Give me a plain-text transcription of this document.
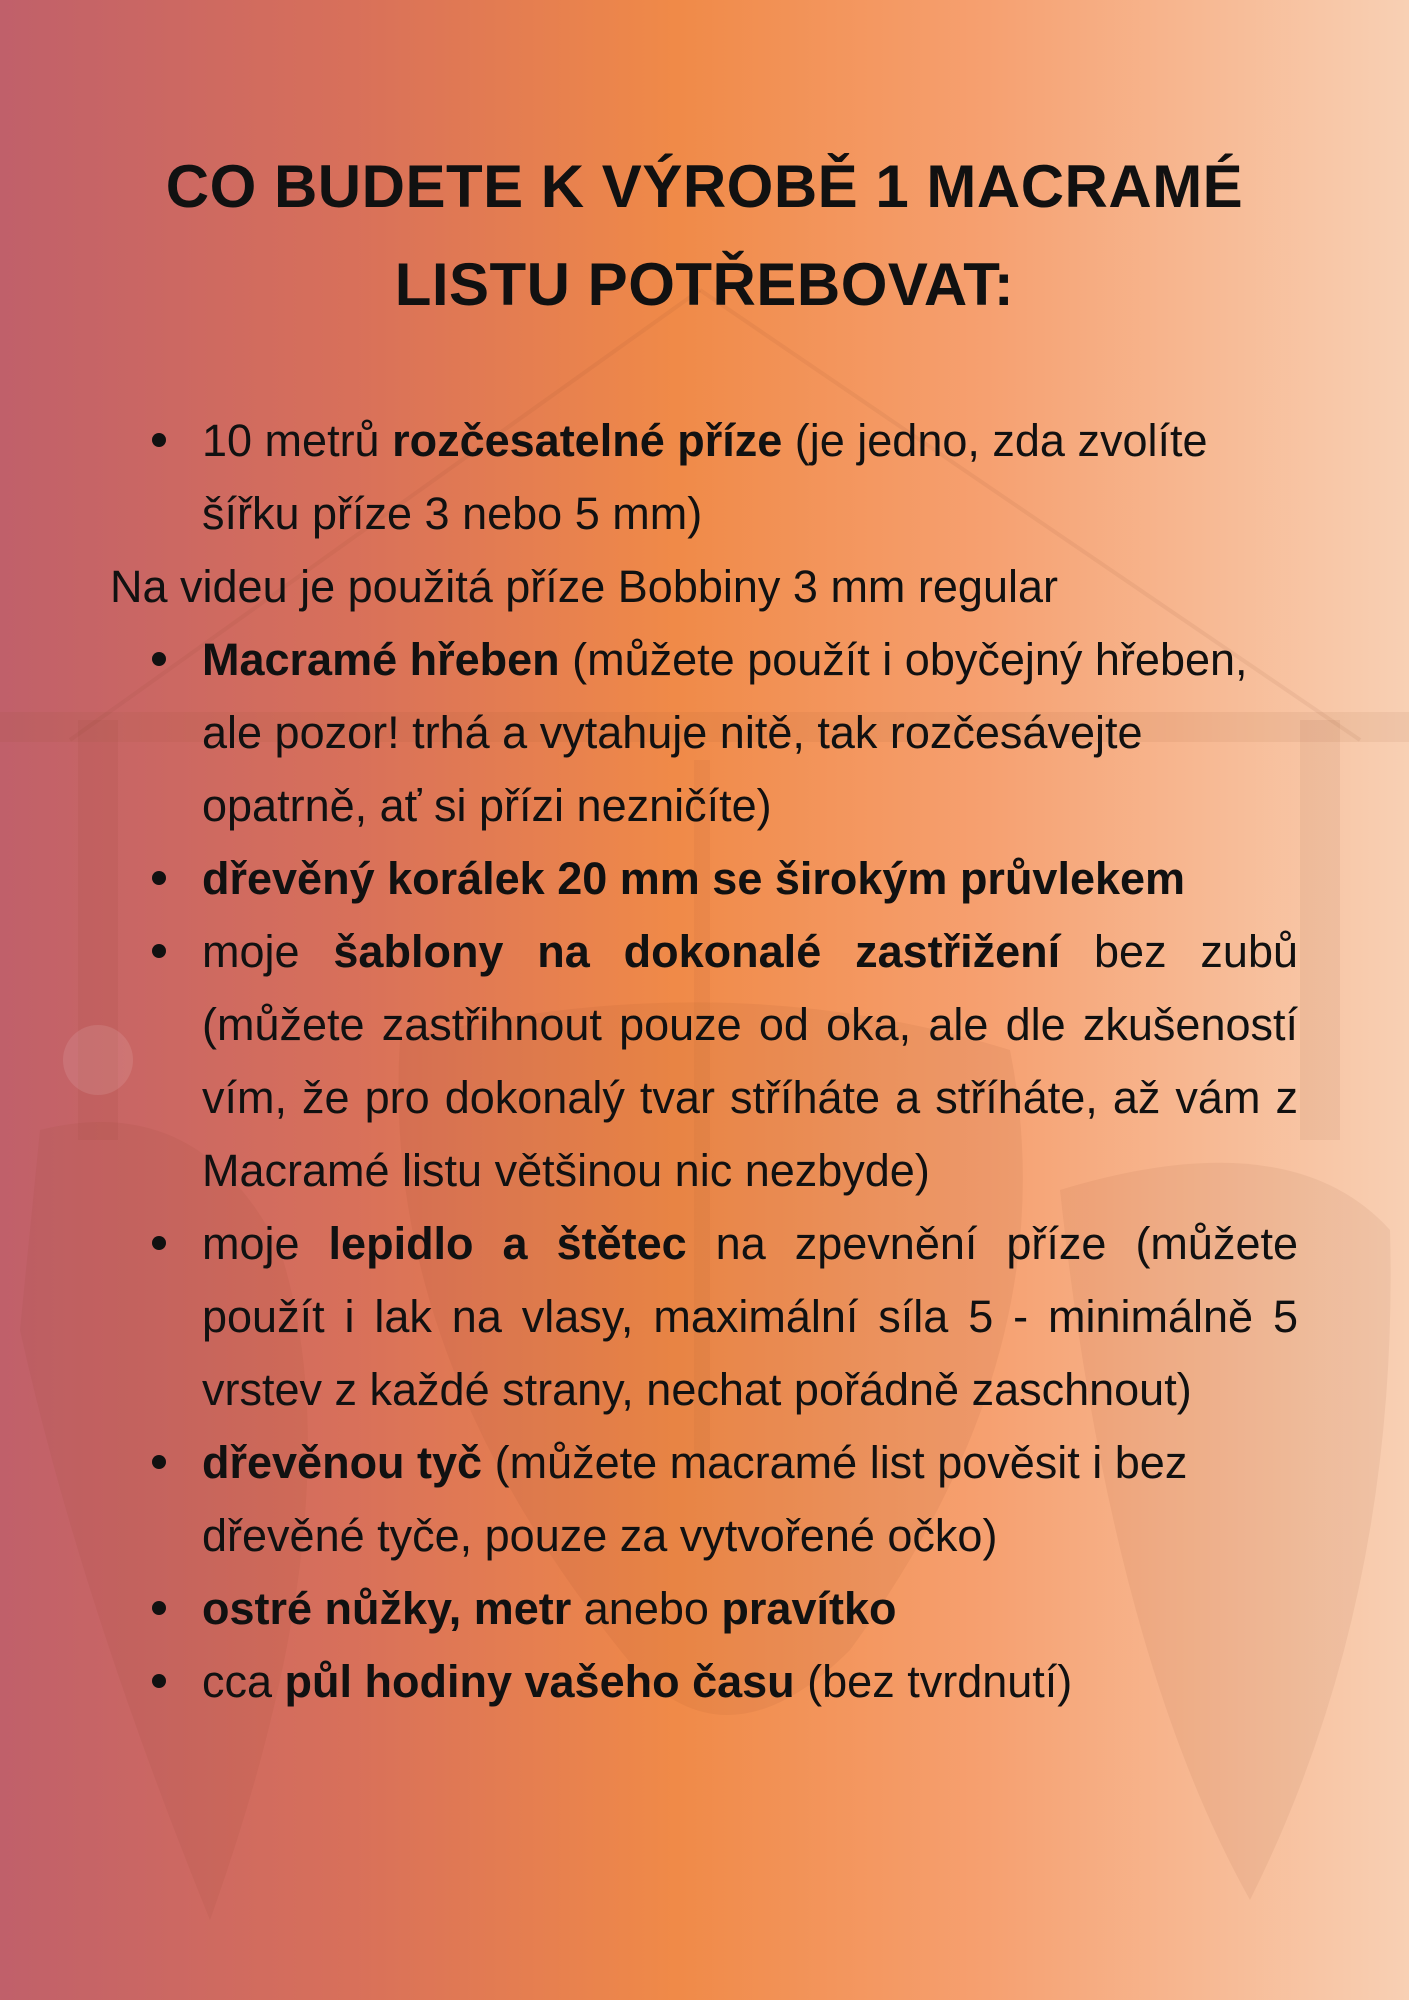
CO BUDETE K VÝROBĚ 1 MACRAMÉ
LISTU POTŘEBOVAT:
10 metrů rozčesatelné příze (je jedno, zda zvolíte šířku příze 3 nebo 5 mm)

Na videu je použitá příze Bobbiny 3 mm regular

Macramé hřeben (můžete použít i obyčejný hřeben, ale pozor! trhá a vytahuje nitě, tak rozčesávejte opatrně, ať si přízi nezničíte)
dřevěný korálek 20 mm se širokým průvlekem
moje šablony na dokonalé zastřižení bez zubů (můžete zastřihnout pouze od oka, ale dle zkušeností vím, že pro dokonalý tvar stříháte a stříháte, až vám z Macramé listu většinou nic nezbyde)
moje lepidlo a štětec na zpevnění příze (můžete použít i lak na vlasy, maximální síla 5 - minimálně 5 vrstev z každé strany, nechat pořádně zaschnout)
dřevěnou tyč (můžete macramé list pověsit i bez dřevěné tyče, pouze za vytvořené očko)
ostré nůžky, metr anebo pravítko
cca půl hodiny vašeho času (bez tvrdnutí)
